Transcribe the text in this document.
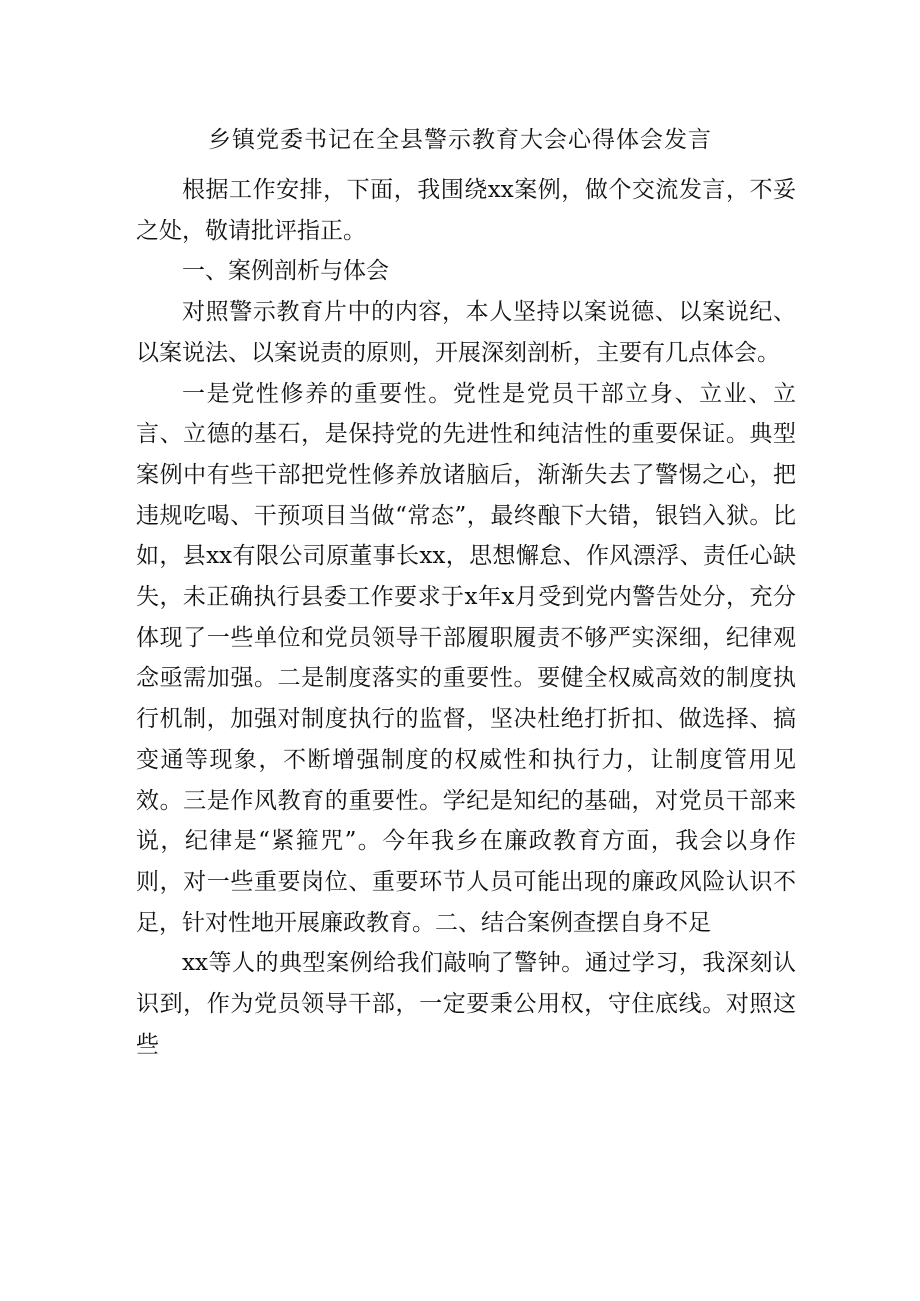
乡镇党委书记在全县警示教育大会心得体会发言

根据工作安排，下面，我围绕xx案例，做个交流发言，不妥之处，敬请批评指正。

一、案例剖析与体会

对照警示教育片中的内容，本人坚持以案说德、以案说纪、以案说法、以案说责的原则，开展深刻剖析，主要有几点体会。

一是党性修养的重要性。党性是党员干部立身、立业、立言、立德的基石，是保持党的先进性和纯洁性的重要保证。典型案例中有些干部把党性修养放诸脑后，渐渐失去了警惕之心，把违规吃喝、干预项目当做“常态”，最终酿下大错，银铛入狱。比如，县xx有限公司原董事长xx，思想懈怠、作风漂浮、责任心缺失，未正确执行县委工作要求于x年x月受到党内警告处分，充分体现了一些单位和党员领导干部履职履责不够严实深细，纪律观念亟需加强。二是制度落实的重要性。要健全权威高效的制度执行机制，加强对制度执行的监督，坚决杜绝打折扣、做选择、搞变通等现象，不断增强制度的权威性和执行力，让制度管用见效。三是作风教育的重要性。学纪是知纪的基础，对党员干部来说，纪律是“紧箍咒”。今年我乡在廉政教育方面，我会以身作则，对一些重要岗位、重要环节人员可能出现的廉政风险认识不足，针对性地开展廉政教育。二、结合案例查摆自身不足

xx等人的典型案例给我们敲响了警钟。通过学习，我深刻认识到，作为党员领导干部，一定要秉公用权，守住底线。对照这些
